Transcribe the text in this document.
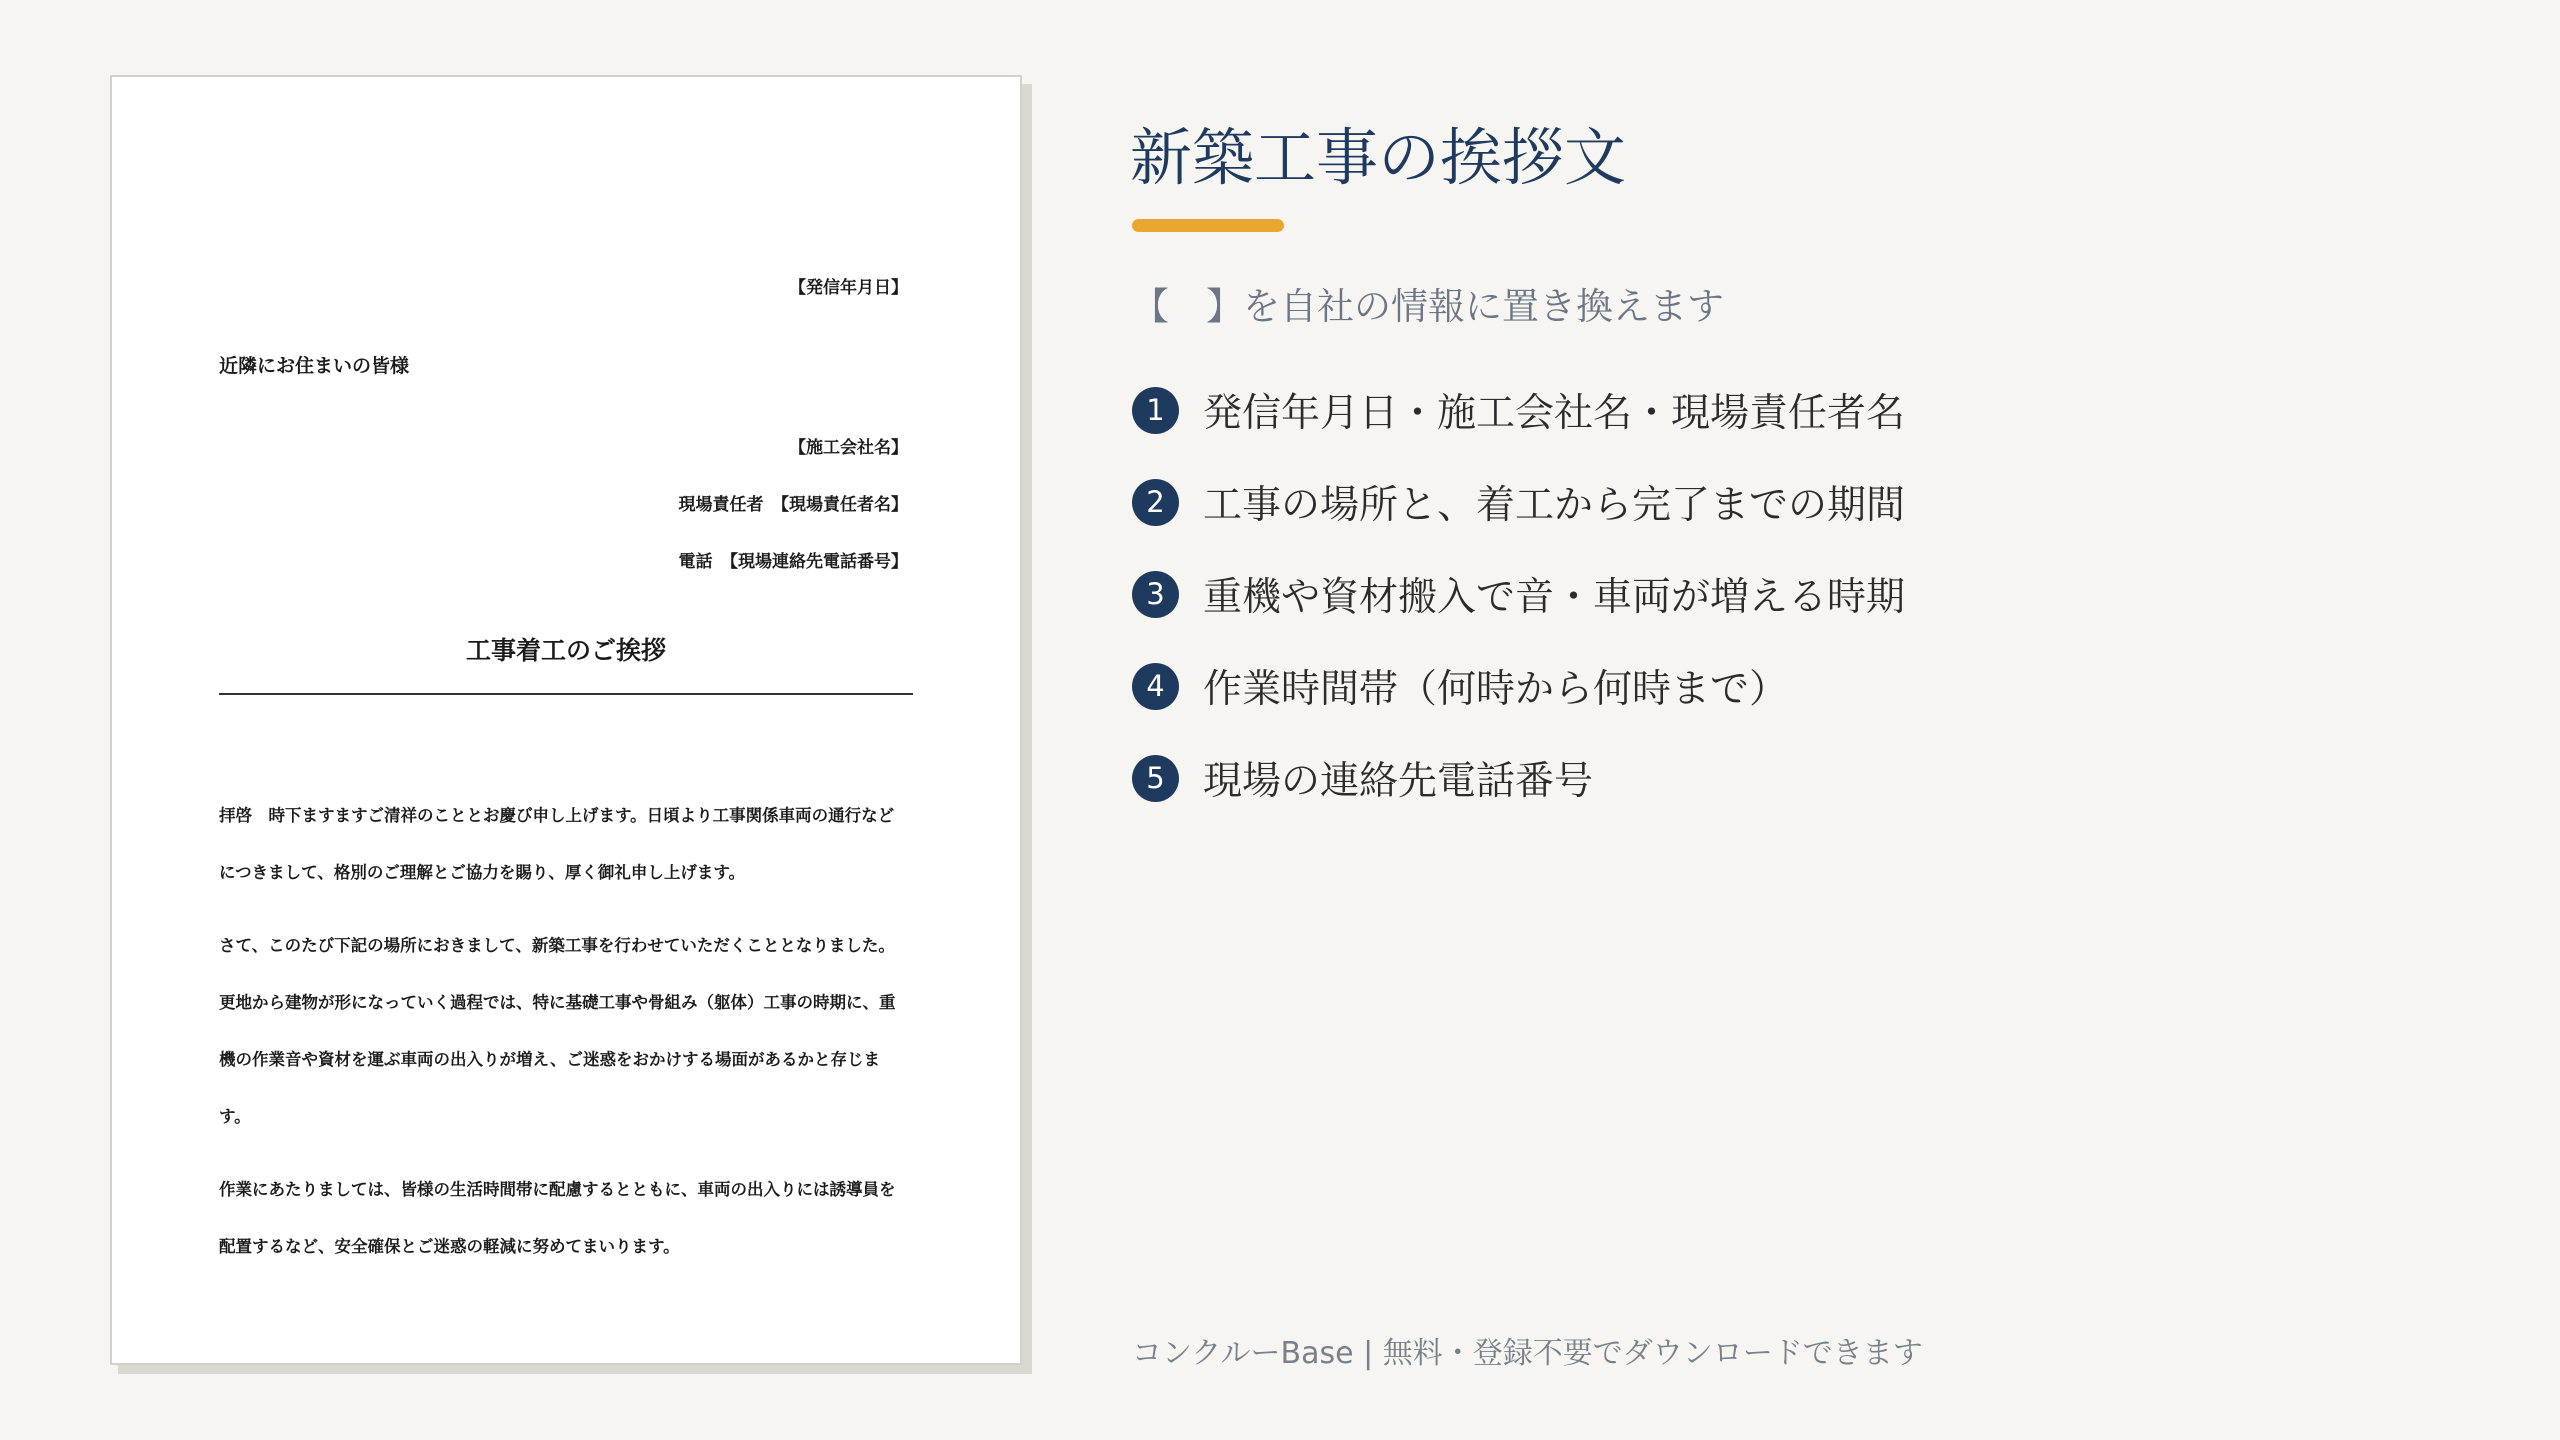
【発信年月日】
近隣にお住まいの皆様
【施工会社名】
現場責任者　【現場責任者名】
電話　【現場連絡先電話番号】
工事着工のご挨拶
拝啓　時下ますますご清祥のこととお慶び申し上げます。日頃より工事関係車両の通行など
につきまして、格別のご理解とご協力を賜り、厚く御礼申し上げます。
さて、このたび下記の場所におきまして、新築工事を行わせていただくこととなりました。
更地から建物が形になっていく過程では、特に基礎工事や骨組み（躯体）工事の時期に、重
機の作業音や資材を運ぶ車両の出入りが増え、ご迷惑をおかけする場面があるかと存じま
す。
作業にあたりましては、皆様の生活時間帯に配慮するとともに、車両の出入りには誘導員を
配置するなど、安全確保とご迷惑の軽減に努めてまいります。
新築工事の挨拶文
【　】を自社の情報に置き換えます
1 発信年月日・施工会社名・現場責任者名
2 工事の場所と、着工から完了までの期間
3 重機や資材搬入で音・車両が増える時期
4 作業時間帯（何時から何時まで）
5 現場の連絡先電話番号
コンクルーBase | 無料・登録不要でダウンロードできます
